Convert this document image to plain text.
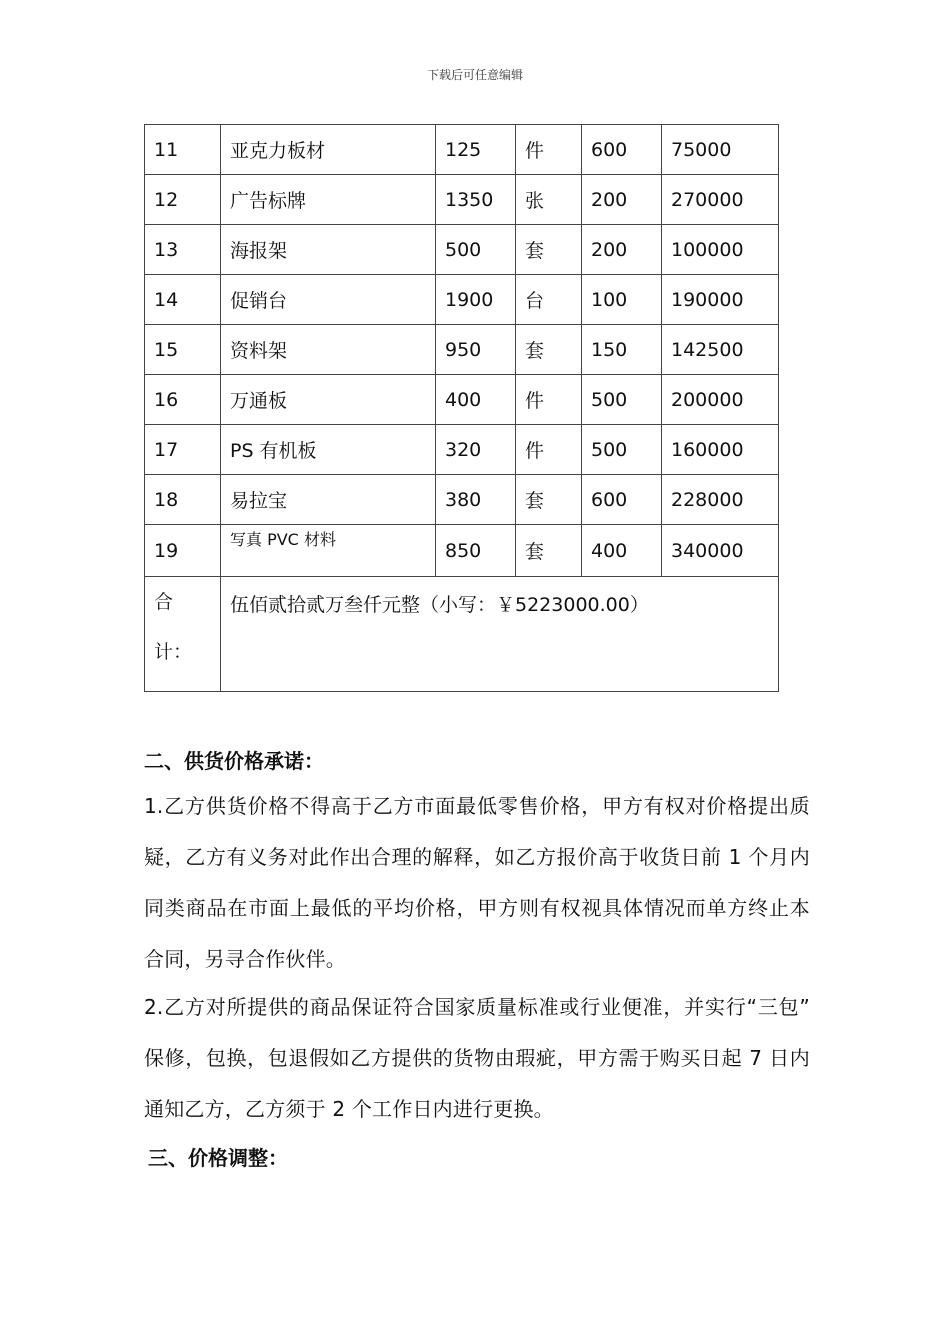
下载后可任意编辑
11	亚克力板材	125	件	600	75000
12	广告标牌	1350	张	200	270000
13	海报架	500	套	200	100000
14	促销台	1900	台	100	190000
15	资料架	950	套	150	142500
16	万通板	400	件	500	200000
17	PS 有机板	320	件	500	160000
18	易拉宝	380	套	600	228000
19	写真 PVC 材料	850	套	400	340000

合
计：	伍佰贰拾贰万叁仟元整（小写：￥5223000.00）				
二、供货价格承诺：
1.乙方供货价格不得高于乙方市面最低零售价格，甲方有权对价格提出质疑，乙方有义务对此作出合理的解释，如乙方报价高于收货日前 1 个月内同类商品在市面上最低的平均价格，甲方则有权视具体情况而单方终止本合同，另寻合作伙伴。
2.乙方对所提供的商品保证符合国家质量标准或行业便准，并实行“三包” 保修，包换，包退假如乙方提供的货物由瑕疵，甲方需于购买日起 7 日内通知乙方，乙方须于 2 个工作日内进行更换。
三、价格调整：
